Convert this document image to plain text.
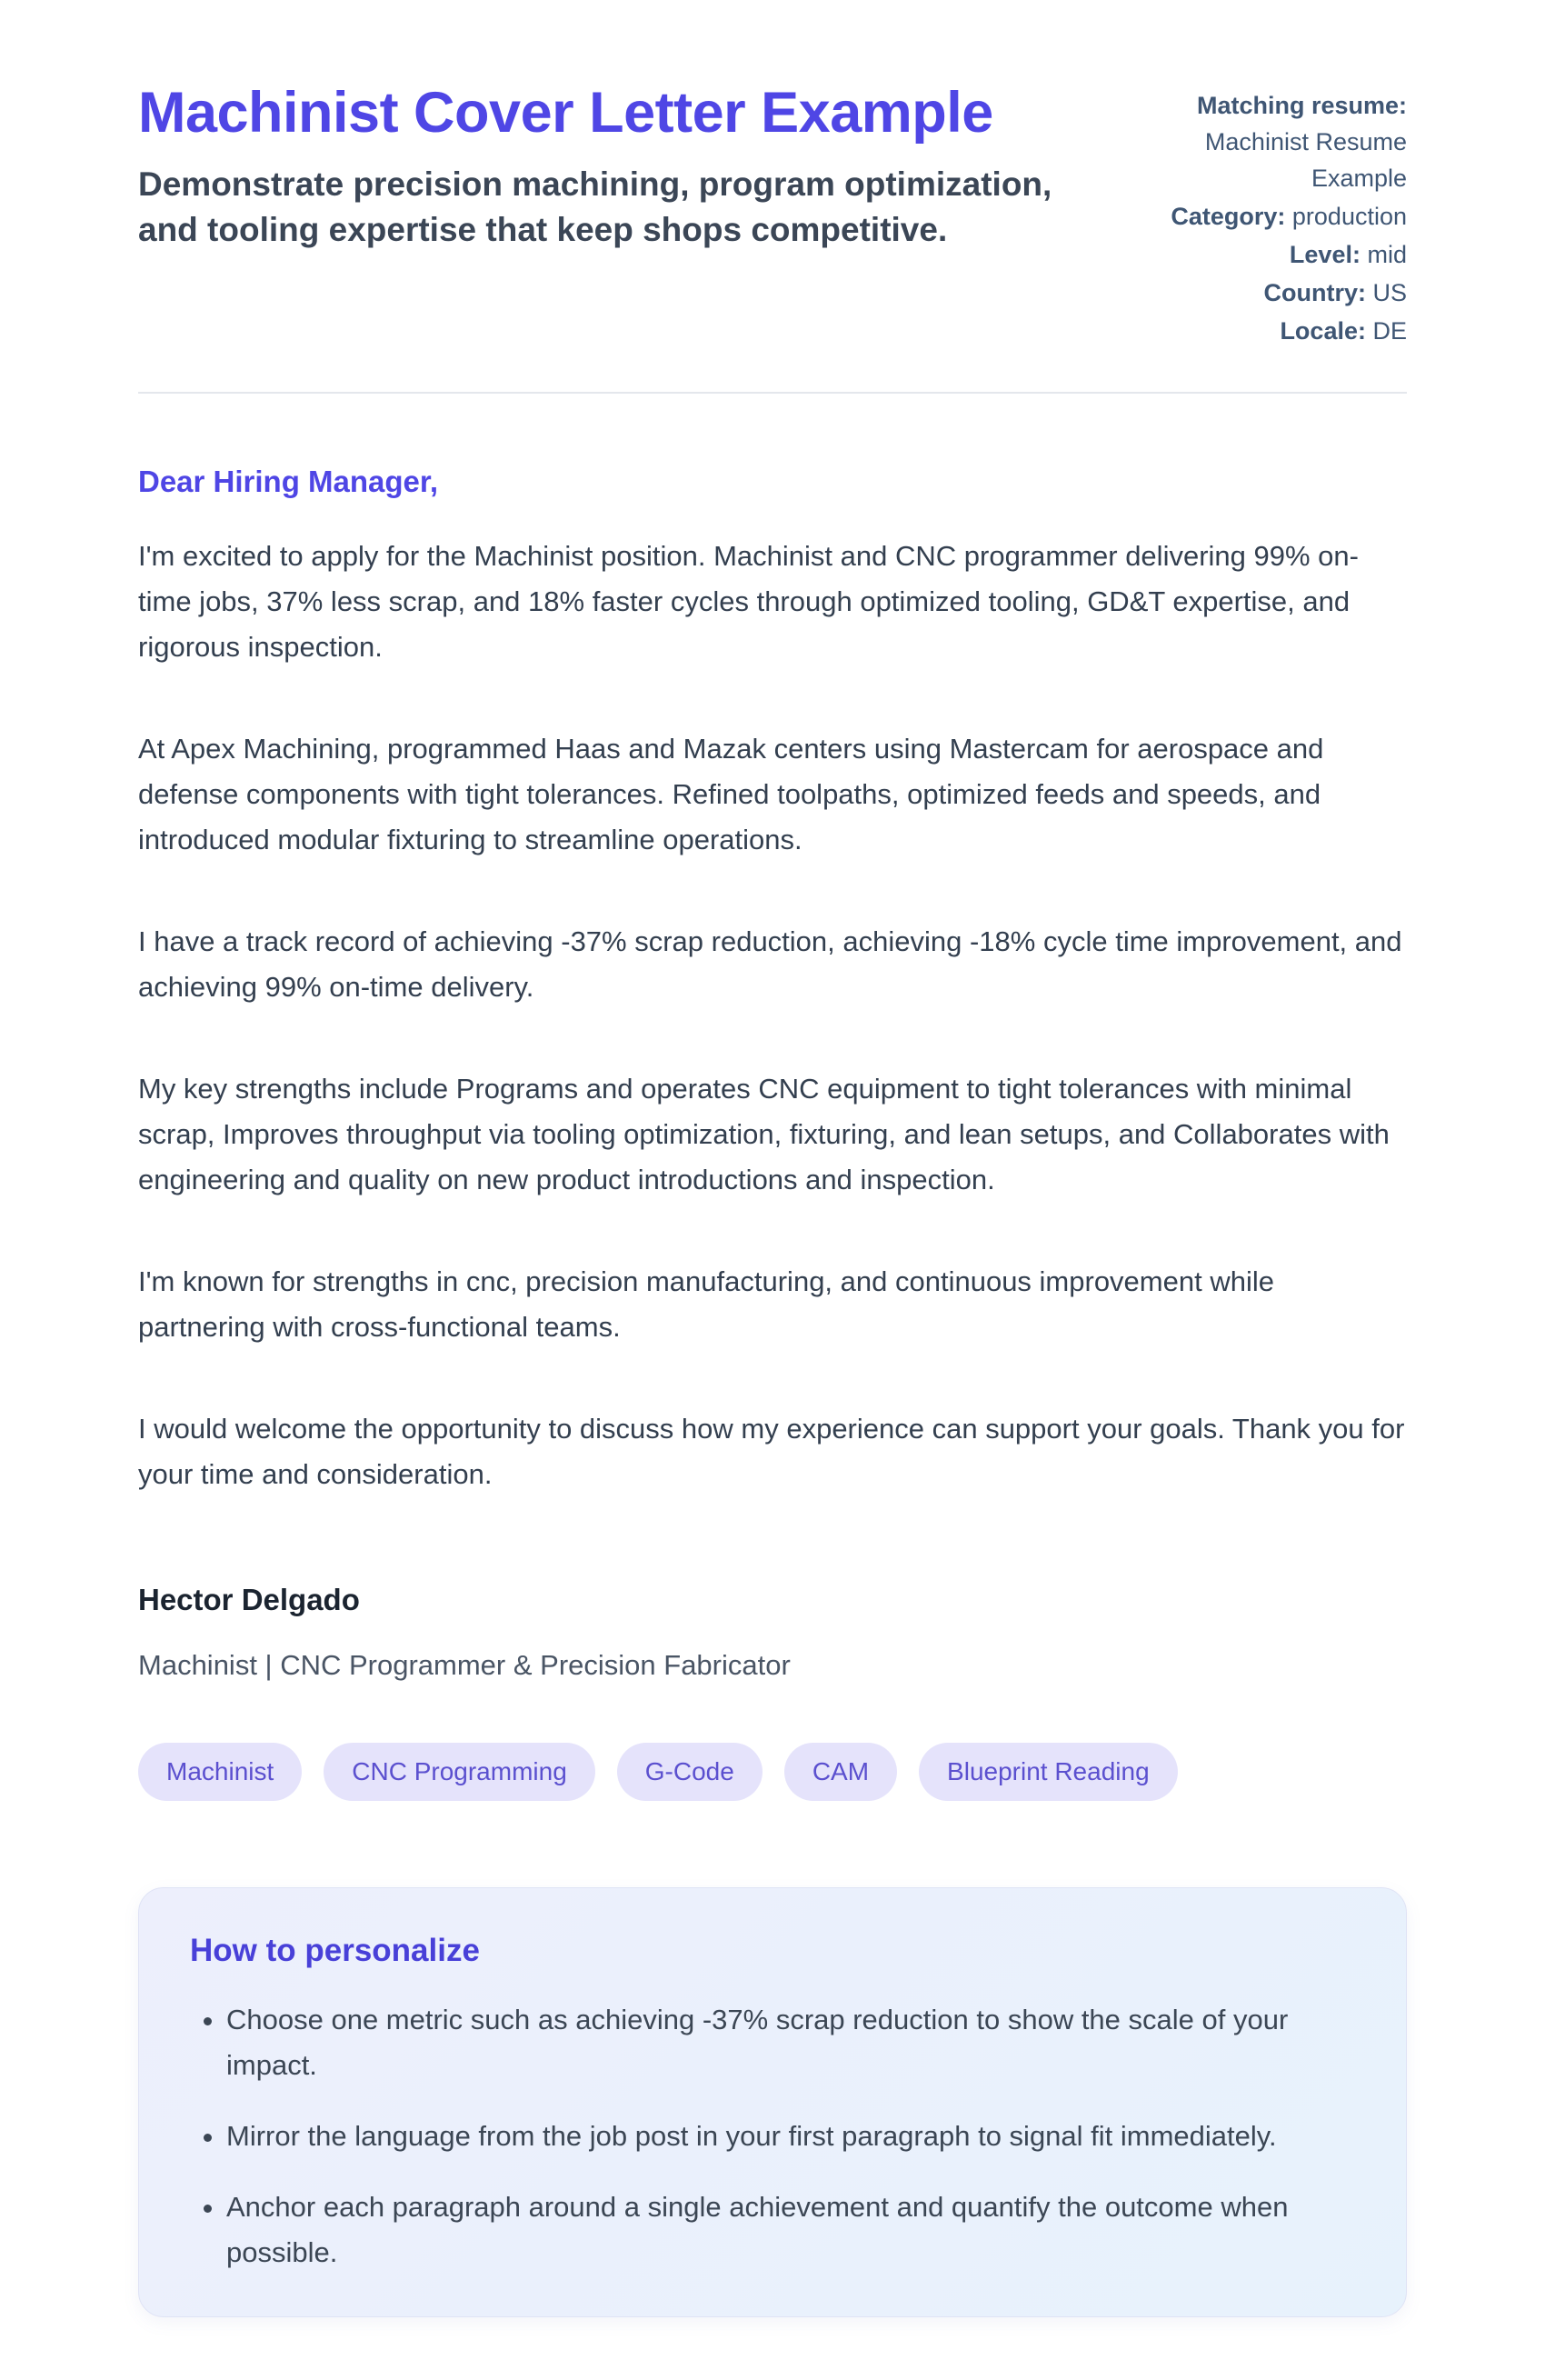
Machinist Cover Letter Example

Demonstrate precision machining, program optimization, and tooling expertise that keep shops competitive.

Matching resume: Machinist Resume Example
Category: production
Level: mid
Country: US
Locale: DE

Dear Hiring Manager,

I'm excited to apply for the Machinist position. Machinist and CNC programmer delivering 99% on-time jobs, 37% less scrap, and 18% faster cycles through optimized tooling, GD&T expertise, and rigorous inspection.

At Apex Machining, programmed Haas and Mazak centers using Mastercam for aerospace and defense components with tight tolerances. Refined toolpaths, optimized feeds and speeds, and introduced modular fixturing to streamline operations.

I have a track record of achieving -37% scrap reduction, achieving -18% cycle time improvement, and achieving 99% on-time delivery.

My key strengths include Programs and operates CNC equipment to tight tolerances with minimal scrap, Improves throughput via tooling optimization, fixturing, and lean setups, and Collaborates with engineering and quality on new product introductions and inspection.

I'm known for strengths in cnc, precision manufacturing, and continuous improvement while partnering with cross-functional teams.

I would welcome the opportunity to discuss how my experience can support your goals. Thank you for your time and consideration.

Hector Delgado

Machinist | CNC Programmer & Precision Fabricator

Machinist	CNC Programming	G-Code	CAM	Blueprint Reading
How to personalize
• Choose one metric such as achieving -37% scrap reduction to show the scale of your impact.
• Mirror the language from the job post in your first paragraph to signal fit immediately.
• Anchor each paragraph around a single achievement and quantify the outcome when possible.
